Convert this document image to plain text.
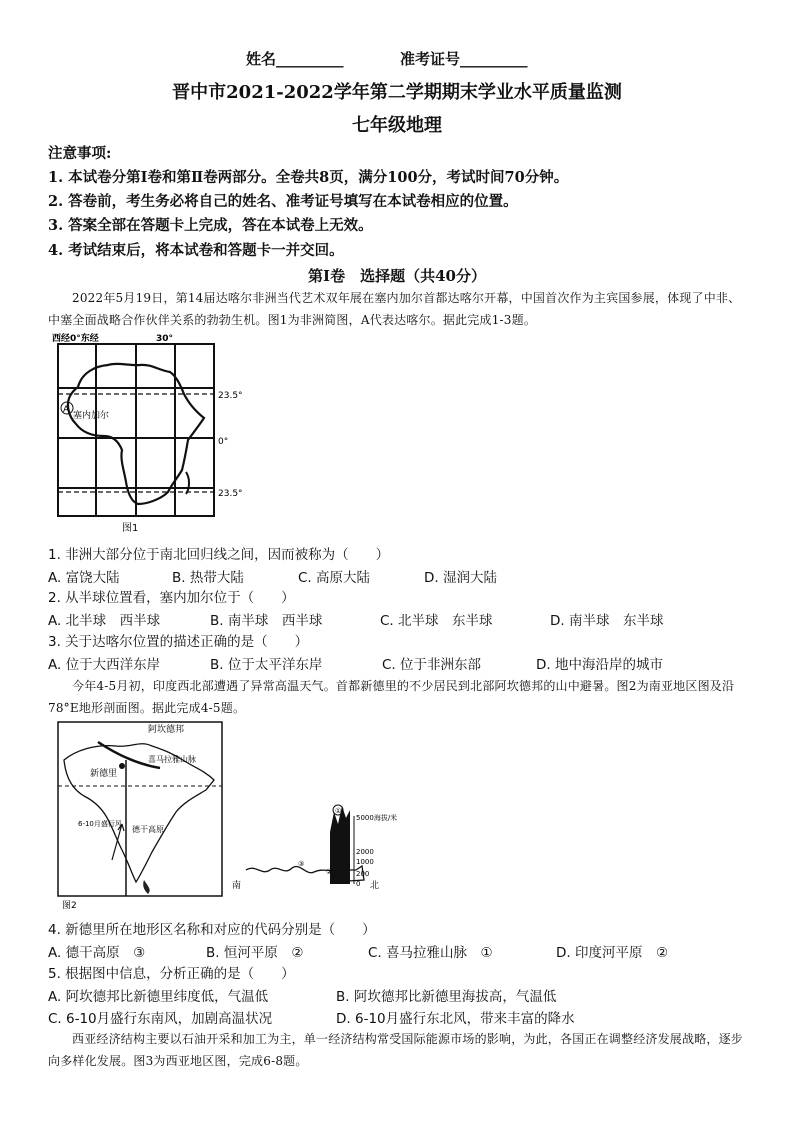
姓名_________	准考证号_________
晋中市2021-2022学年第二学期期末学业水平质量监测
七年级地理
注意事项:
1. 本试卷分第Ⅰ卷和第Ⅱ卷两部分。全卷共8页，满分100分，考试时间70分钟。
2. 答卷前，考生务必将自己的姓名、准考证号填写在本试卷相应的位置。
3. 答案全部在答题卡上完成，答在本试卷上无效。
4. 考试结束后，将本试卷和答题卡一并交回。
第Ⅰ卷　选择题（共40分）
2022年5月19日，第14届达喀尔非洲当代艺术双年展在塞内加尔首都达喀尔开幕，中国首次作为主宾国参展，体现了中非、中塞全面战略合作伙伴关系的勃勃生机。图1为非洲简图，A代表达喀尔。据此完成1-3题。
西经0°东经	30°
23.5°
0°
23.5°
塞内加尔
A
图1
1. 非洲大部分位于南北回归线之间，因而被称为（　　）
A. 富饶大陆	B. 热带大陆	C. 高原大陆	D. 湿润大陆
2. 从半球位置看，塞内加尔位于（　　）
A. 北半球　西半球	B. 南半球　西半球	C. 北半球　东半球	D. 南半球　东半球
3. 关于达喀尔位置的描述正确的是（　　）
A. 位于大西洋东岸	B. 位于太平洋东岸	C. 位于非洲东部	D. 地中海沿岸的城市
今年4-5月初，印度西北部遭遇了异常高温天气。首都新德里的不少居民到北部阿坎德邦的山中避暑。图2为南亚地区图及沿78°E地形剖面图。据此完成4-5题。
阿坎德邦
新德里
喜马拉雅山脉
6-10月盛行风
德干高原
①
③
②
5000海拔/米
2000
1000
200
0
南	北
图2
4. 新德里所在地形区名称和对应的代码分别是（　　）
A. 德干高原　③	B. 恒河平原　②	C. 喜马拉雅山脉　①	D. 印度河平原　②
5. 根据图中信息，分析正确的是（　　）
A. 阿坎德邦比新德里纬度低，气温低	B. 阿坎德邦比新德里海拔高，气温低
C. 6-10月盛行东南风，加剧高温状况	D. 6-10月盛行东北风，带来丰富的降水
西亚经济结构主要以石油开采和加工为主，单一经济结构常受国际能源市场的影响，为此，各国正在调整经济发展战略，逐步向多样化发展。图3为西亚地区图，完成6-8题。
